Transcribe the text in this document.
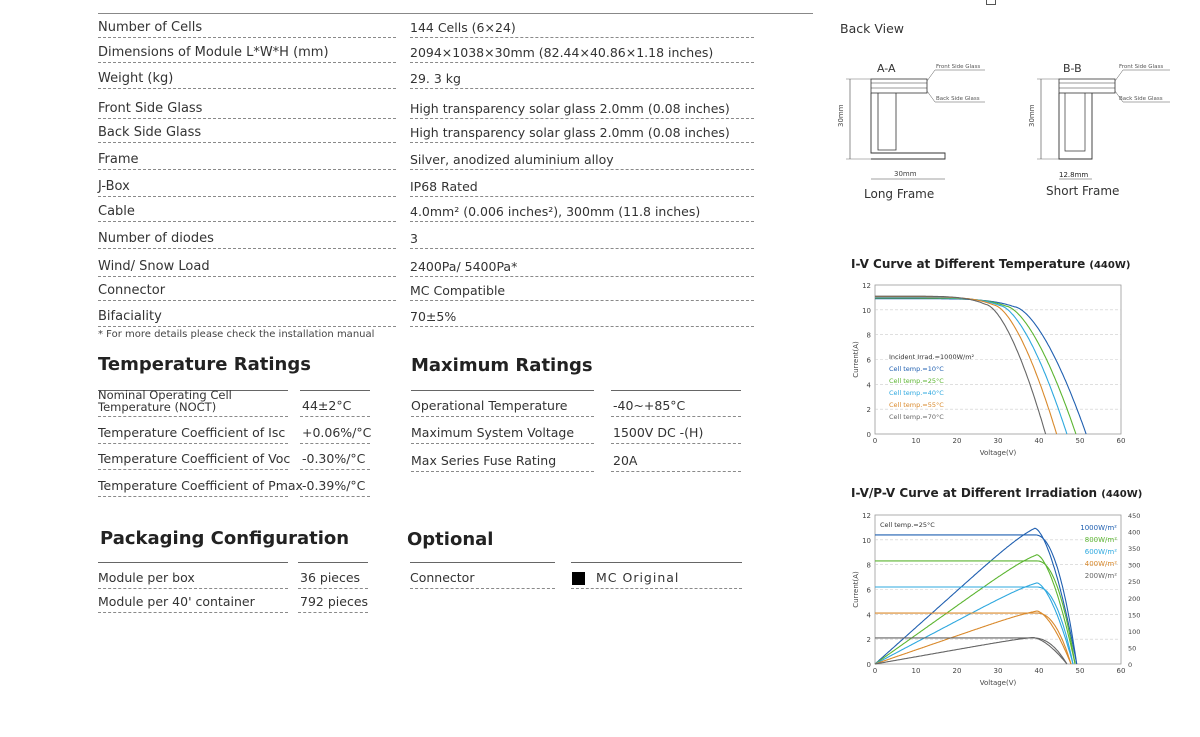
Number of Cells	144 Cells (6×24)
Dimensions of Module L*W*H (mm)	2094×1038×30mm (82.44×40.86×1.18 inches)
Weight (kg)	29. 3 kg
Front Side Glass	High transparency solar glass 2.0mm (0.08 inches)
Back Side Glass	High transparency solar glass 2.0mm (0.08 inches)
Frame	Silver, anodized aluminium alloy
J-Box	IP68 Rated
Cable	4.0mm² (0.006 inches²), 300mm (11.8 inches)
Number of diodes	3
Wind/ Snow Load	2400Pa/ 5400Pa*
Connector	MC Compatible
Bifaciality	70±5%
* For more details please check the installation manual
Temperature Ratings
Nominal Operating Cell Temperature (NOCT)	44±2°C
Temperature Coefficient of Isc +0.06%/°C
Temperature Coefficient of Voc -0.30%/°C
Temperature Coefficient of Pmax -0.39%/°C
Maximum Ratings
Operational Temperature	-40~+85°C
Maximum System Voltage	1500V DC -(H)
Max Series Fuse Rating	20A
Packaging Configuration
Module per box	36 pieces
Module per 40' container	792 pieces
Optional
Connector	MC Original
Back View
A-A	Front Side Glass
Back Side Glass
30mm
30mm
Long Frame
B-B	Front Side Glass
Back Side Glass
30mm
12.8mm
Short Frame
I-V Curve at Different Temperature (440W)
0
2
4
6
8
10
12
0	10	20	30	40	50	60
Voltage(V)
Current(A)	Incident Irrad.=1000W/m²
Cell temp.=10°C
Cell temp.=25°C
Cell temp.=40°C
Cell temp.=55°C
Cell temp.=70°C
I-V/P-V Curve at Different Irradiation (440W)
0
2
4
6
8
10
12
0	10	20	30	40	50	60
Voltage(V)
Current(A)
0
50
100
150
200
250
300
350
400
450
Cell temp.=25°C	1000W/m²
800W/m²
600W/m²
400W/m²
200W/m²
